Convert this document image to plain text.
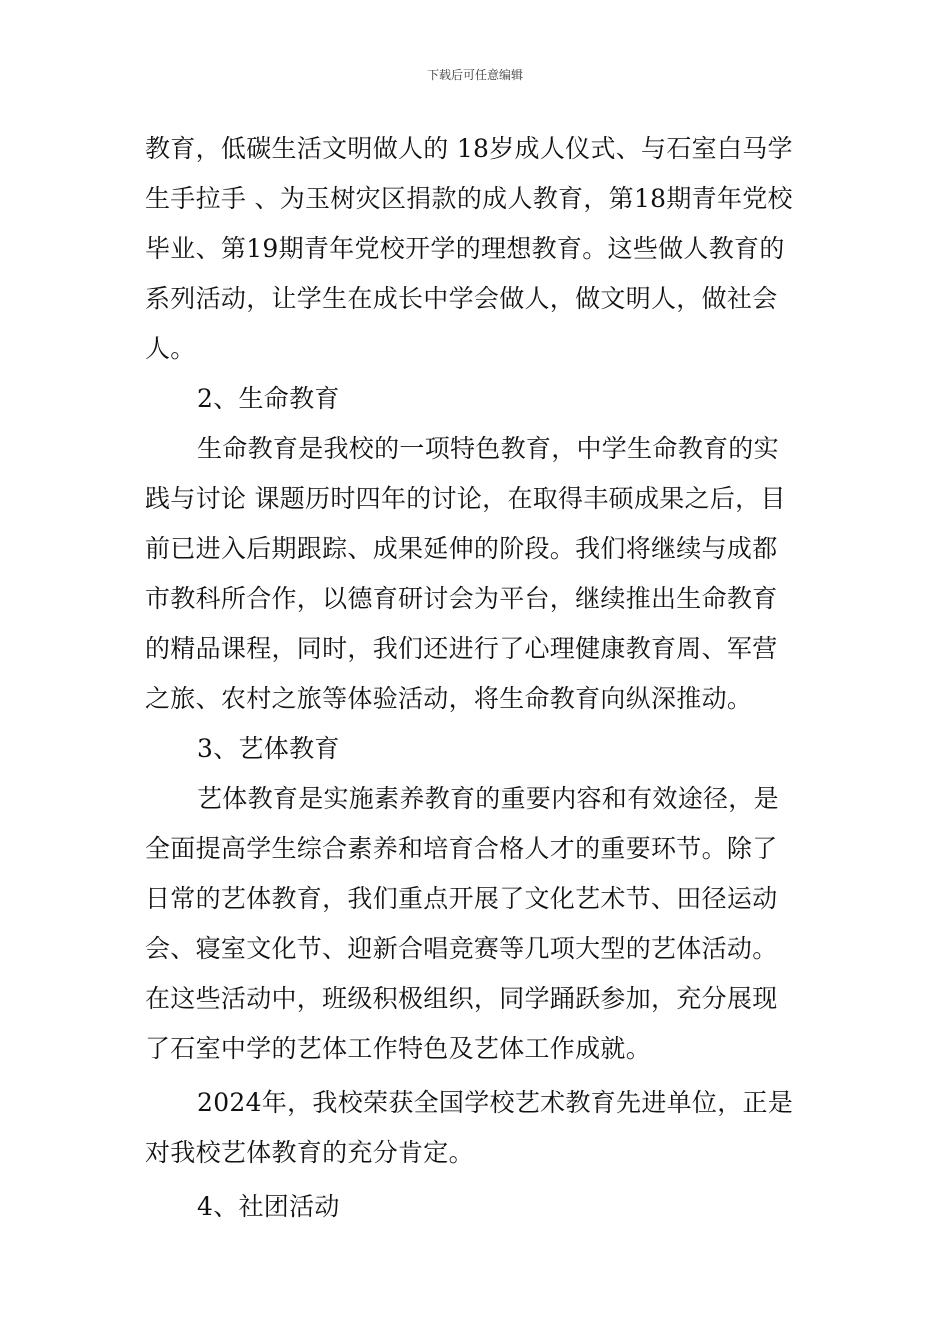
下载后可任意编辑
教育，低碳生活文明做人的 18岁成人仪式、与石室白马学
生手拉手 、为玉树灾区捐款的成人教育，第18期青年党校
毕业、第19期青年党校开学的理想教育。这些做人教育的
系列活动，让学生在成长中学会做人，做文明人，做社会
人。
2、生命教育
生命教育是我校的一项特色教育，中学生命教育的实
践与讨论 课题历时四年的讨论，在取得丰硕成果之后，目
前已进入后期跟踪、成果延伸的阶段。我们将继续与成都
市教科所合作，以德育研讨会为平台，继续推出生命教育
的精品课程，同时，我们还进行了心理健康教育周、军营
之旅、农村之旅等体验活动，将生命教育向纵深推动。
3、艺体教育
艺体教育是实施素养教育的重要内容和有效途径，是
全面提高学生综合素养和培育合格人才的重要环节。除了
日常的艺体教育，我们重点开展了文化艺术节、田径运动
会、寝室文化节、迎新合唱竞赛等几项大型的艺体活动。
在这些活动中，班级积极组织，同学踊跃参加，充分展现
了石室中学的艺体工作特色及艺体工作成就。
2024年，我校荣获全国学校艺术教育先进单位，正是
对我校艺体教育的充分肯定。
4、社团活动
